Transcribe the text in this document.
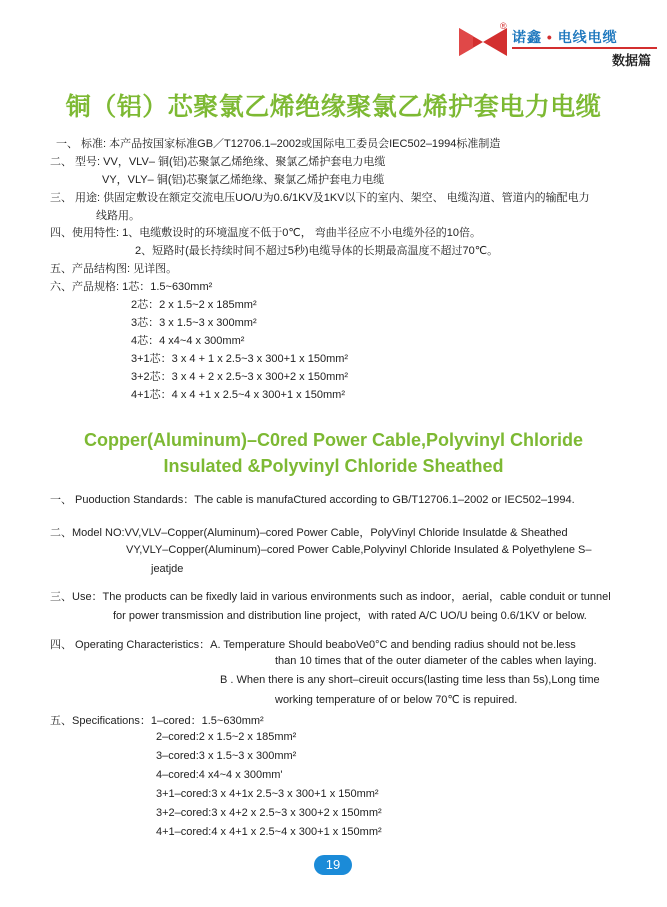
®
诺鑫 • 电线电缆
数据篇
铜（铝）芯聚氯乙烯绝缘聚氯乙烯护套电力电缆
一、 标准: 本产品按国家标准GB／T12706.1–2002或国际电工委员会IEC502–1994标准制造
二、 型号: VV，VLV– 铜(铝)芯聚氯乙烯绝缘、聚氯乙烯护套电力电缆
VY，VLY– 铜(铝)芯聚氯乙烯绝缘、聚氯乙烯护套电力电缆
三、 用途: 供固定敷设在额定交流电压UO/U为0.6/1KV及1KV以下的室内、架空、 电缆沟道、管道内的输配电力
线路用。
四、使用特性: 1、电缆敷设时的环境温度不低于0℃， 弯曲半径应不小电缆外径的10倍。
2、短路时(最长持续时间不超过5秒)电缆导体的长期最高温度不超过70℃。
五、产品结构图: 见详图。
六、产品规格: 1芯：1.5~630mm²
2芯：2 x 1.5~2 x 185mm²
3芯：3 x 1.5~3 x 300mm²
4芯：4 x4~4 x 300mm²
3+1芯：3 x 4 + 1 x 2.5~3 x 300+1 x 150mm²
3+2芯：3 x 4 + 2 x 2.5~3 x 300+2 x 150mm²
4+1芯：4 x 4 +1 x 2.5~4 x 300+1 x 150mm²
Copper(Aluminum)–C0red Power Cable,Polyvinyl Chloride
Insulated &Polyvinyl Chloride Sheathed
一、 Puoduction Standards：The cable is manufaCtured according to GB/T12706.1–2002 or IEC502–1994.
二、Model NO:VV,VLV–Copper(Aluminum)–cored Power Cable，PolyVinyl Chloride Insulatde & Sheathed
VY,VLY–Copper(Aluminum)–cored Power Cable,Polyvinyl Chloride Insulated & Polyethylene S–
jeatjde
三、Use：The products can be fixedly laid in various environments such as indoor，aerial，cable conduit or tunnel
for power transmission and distribution line project，with rated A/C UO/U being 0.6/1KV or below.
四、 Operating Characteristics：A. Temperature Should beaboVe0°C and bending radius should not be.less
than 10 times that of the outer diameter of the cables when laying.
B . When there is any short–cireuit occurs(lasting time less than 5s),Long time
working temperature of or below 70℃ is repuired.
五、Specifications：1–cored：1.5~630mm²
2–cored:2 x 1.5~2 x 185mm²
3–cored:3 x 1.5~3 x 300mm²
4–cored:4 x4~4 x 300mm'
3+1–cored:3 x 4+1x 2.5~3 x 300+1 x 150mm²
3+2–cored:3 x 4+2 x 2.5~3 x 300+2 x 150mm²
4+1–cored:4 x 4+1 x 2.5~4 x 300+1 x 150mm²
19
